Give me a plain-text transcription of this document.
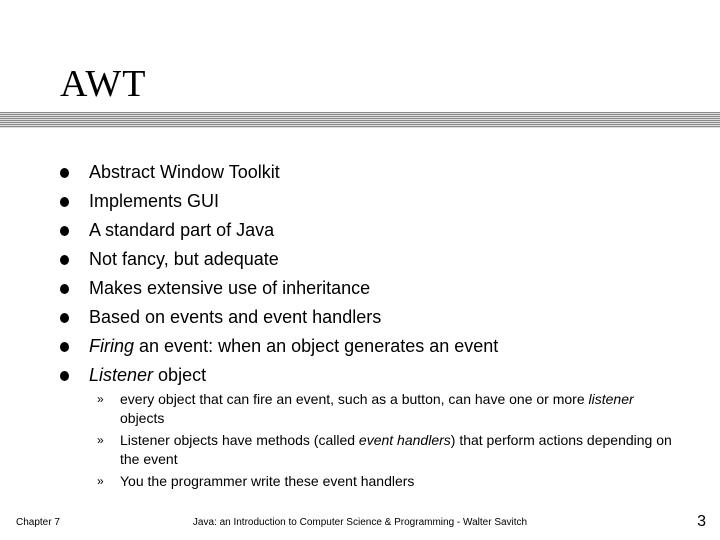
AWT
Abstract Window Toolkit
Implements GUI
A standard part of Java
Not fancy, but adequate
Makes extensive use of inheritance
Based on events and event handlers
Firing an event: when an object generates an event
Listener object
» every object that can fire an event, such as a button, can have one or more listener objects
» Listener objects have methods (called event handlers) that perform actions depending on the event
» You the programmer write these event handlers
Chapter 7	Java: an Introduction to Computer Science & Programming - Walter Savitch	3
